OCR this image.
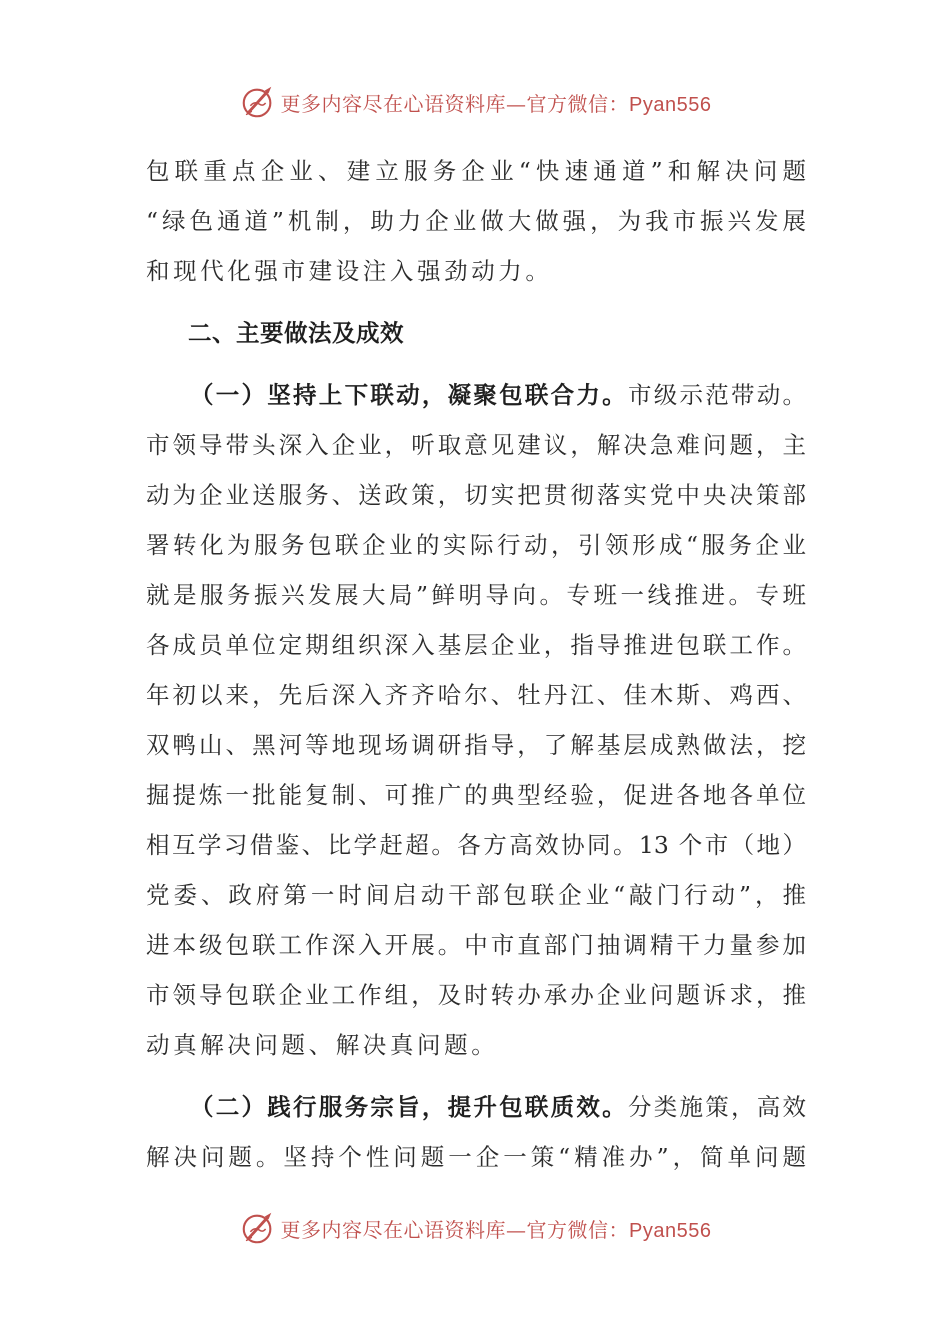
更多内容尽在心语资料库—官方微信：Pyan556
包联重点企业、建立服务企业“快速通道”和解决问题
“绿色通道”机制，助力企业做大做强，为我市振兴发展
和现代化强市建设注入强劲动力。
二、主要做法及成效
（一）坚持上下联动，凝聚包联合力。市级示范带动。
市领导带头深入企业，听取意见建议，解决急难问题，主
动为企业送服务、送政策，切实把贯彻落实党中央决策部
署转化为服务包联企业的实际行动，引领形成“服务企业
就是服务振兴发展大局”鲜明导向。专班一线推进。专班
各成员单位定期组织深入基层企业，指导推进包联工作。
年初以来，先后深入齐齐哈尔、牡丹江、佳木斯、鸡西、
双鸭山、黑河等地现场调研指导，了解基层成熟做法，挖
掘提炼一批能复制、可推广的典型经验，促进各地各单位
相互学习借鉴、比学赶超。各方高效协同。13 个市（地）
党委、政府第一时间启动干部包联企业“敲门行动”，推
进本级包联工作深入开展。中市直部门抽调精干力量参加
市领导包联企业工作组，及时转办承办企业问题诉求，推
动真解决问题、解决真问题。
（二）践行服务宗旨，提升包联质效。分类施策，高效
解决问题。坚持个性问题一企一策“精准办”，简单问题
更多内容尽在心语资料库—官方微信：Pyan556
